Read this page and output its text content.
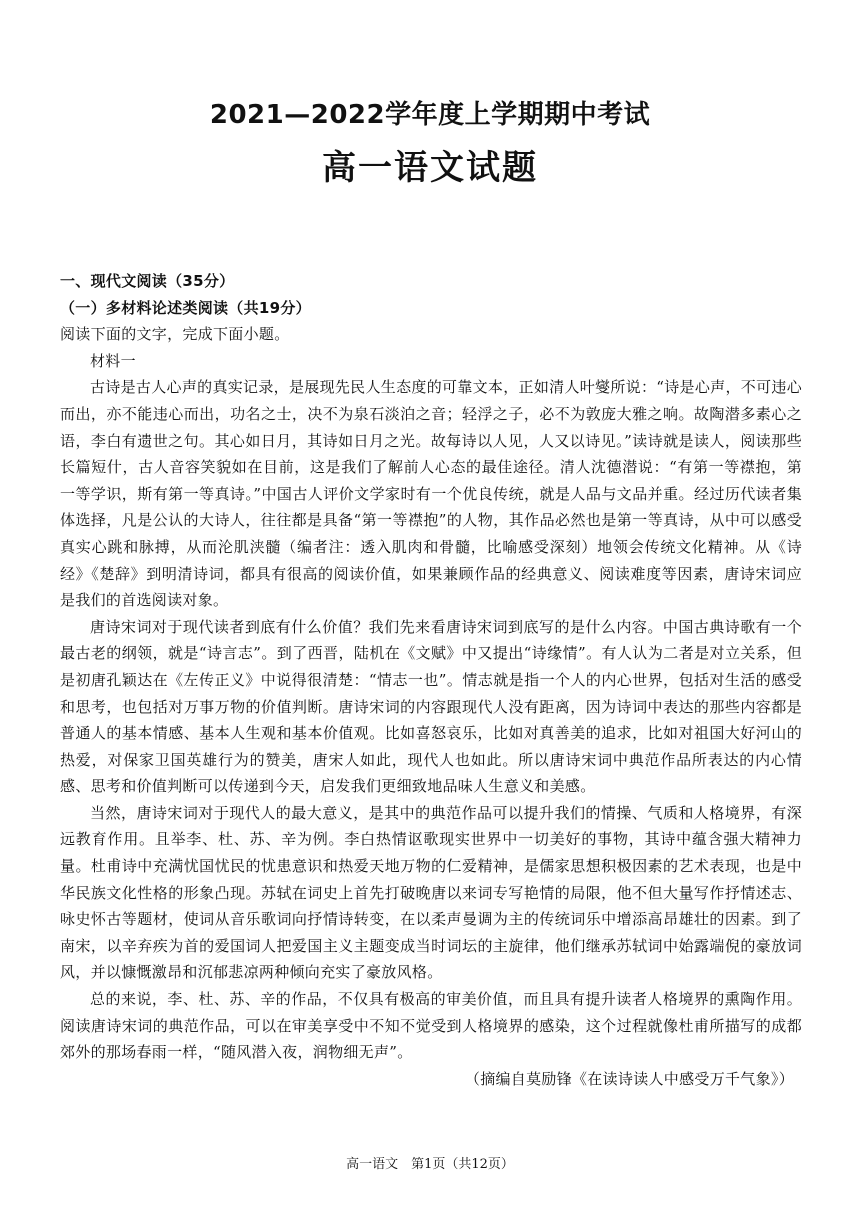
2021—2022学年度上学期期中考试
高一语文试题
一、现代文阅读（35分）
（一）多材料论述类阅读（共19分）

阅读下面的文字，完成下面小题。

材料一

古诗是古人心声的真实记录，是展现先民人生态度的可靠文本，正如清人叶燮所说：“诗是心声，不可违心而出，亦不能违心而出，功名之士，决不为泉石淡泊之音；轻浮之子，必不为敦庞大雅之响。故陶潜多素心之语，李白有遗世之句。其心如日月，其诗如日月之光。故每诗以人见，人又以诗见。”读诗就是读人，阅读那些长篇短什，古人音容笑貌如在目前，这是我们了解前人心态的最佳途径。清人沈德潜说：“有第一等襟抱，第一等学识，斯有第一等真诗。”中国古人评价文学家时有一个优良传统，就是人品与文品并重。经过历代读者集体选择，凡是公认的大诗人，往往都是具备“第一等襟抱”的人物，其作品必然也是第一等真诗，从中可以感受真实心跳和脉搏，从而沦肌浃髓（编者注：透入肌肉和骨髓，比喻感受深刻）地领会传统文化精神。从《诗经》《楚辞》到明清诗词，都具有很高的阅读价值，如果兼顾作品的经典意义、阅读难度等因素，唐诗宋词应是我们的首选阅读对象。

唐诗宋词对于现代读者到底有什么价值？我们先来看唐诗宋词到底写的是什么内容。中国古典诗歌有一个最古老的纲领，就是“诗言志”。到了西晋，陆机在《文赋》中又提出“诗缘情”。有人认为二者是对立关系，但是初唐孔颖达在《左传正义》中说得很清楚：“情志一也”。情志就是指一个人的内心世界，包括对生活的感受和思考，也包括对万事万物的价值判断。唐诗宋词的内容跟现代人没有距离，因为诗词中表达的那些内容都是普通人的基本情感、基本人生观和基本价值观。比如喜怒哀乐，比如对真善美的追求，比如对祖国大好河山的热爱，对保家卫国英雄行为的赞美，唐宋人如此，现代人也如此。所以唐诗宋词中典范作品所表达的内心情感、思考和价值判断可以传递到今天，启发我们更细致地品味人生意义和美感。

当然，唐诗宋词对于现代人的最大意义，是其中的典范作品可以提升我们的情操、气质和人格境界，有深远教育作用。且举李、杜、苏、辛为例。李白热情讴歌现实世界中一切美好的事物，其诗中蕴含强大精神力量。杜甫诗中充满忧国忧民的忧患意识和热爱天地万物的仁爱精神，是儒家思想积极因素的艺术表现，也是中华民族文化性格的形象凸现。苏轼在词史上首先打破晚唐以来词专写艳情的局限，他不但大量写作抒情述志、咏史怀古等题材，使词从音乐歌词向抒情诗转变，在以柔声曼调为主的传统词乐中增添高昂雄壮的因素。到了南宋，以辛弃疾为首的爱国词人把爱国主义主题变成当时词坛的主旋律，他们继承苏轼词中始露端倪的豪放词风，并以慷慨激昂和沉郁悲凉两种倾向充实了豪放风格。

总的来说，李、杜、苏、辛的作品，不仅具有极高的审美价值，而且具有提升读者人格境界的熏陶作用。阅读唐诗宋词的典范作品，可以在审美享受中不知不觉受到人格境界的感染，这个过程就像杜甫所描写的成都郊外的那场春雨一样，“随风潜入夜，润物细无声”。

（摘编自莫励锋《在读诗读人中感受万千气象》）

高一语文　第1页（共12页）
